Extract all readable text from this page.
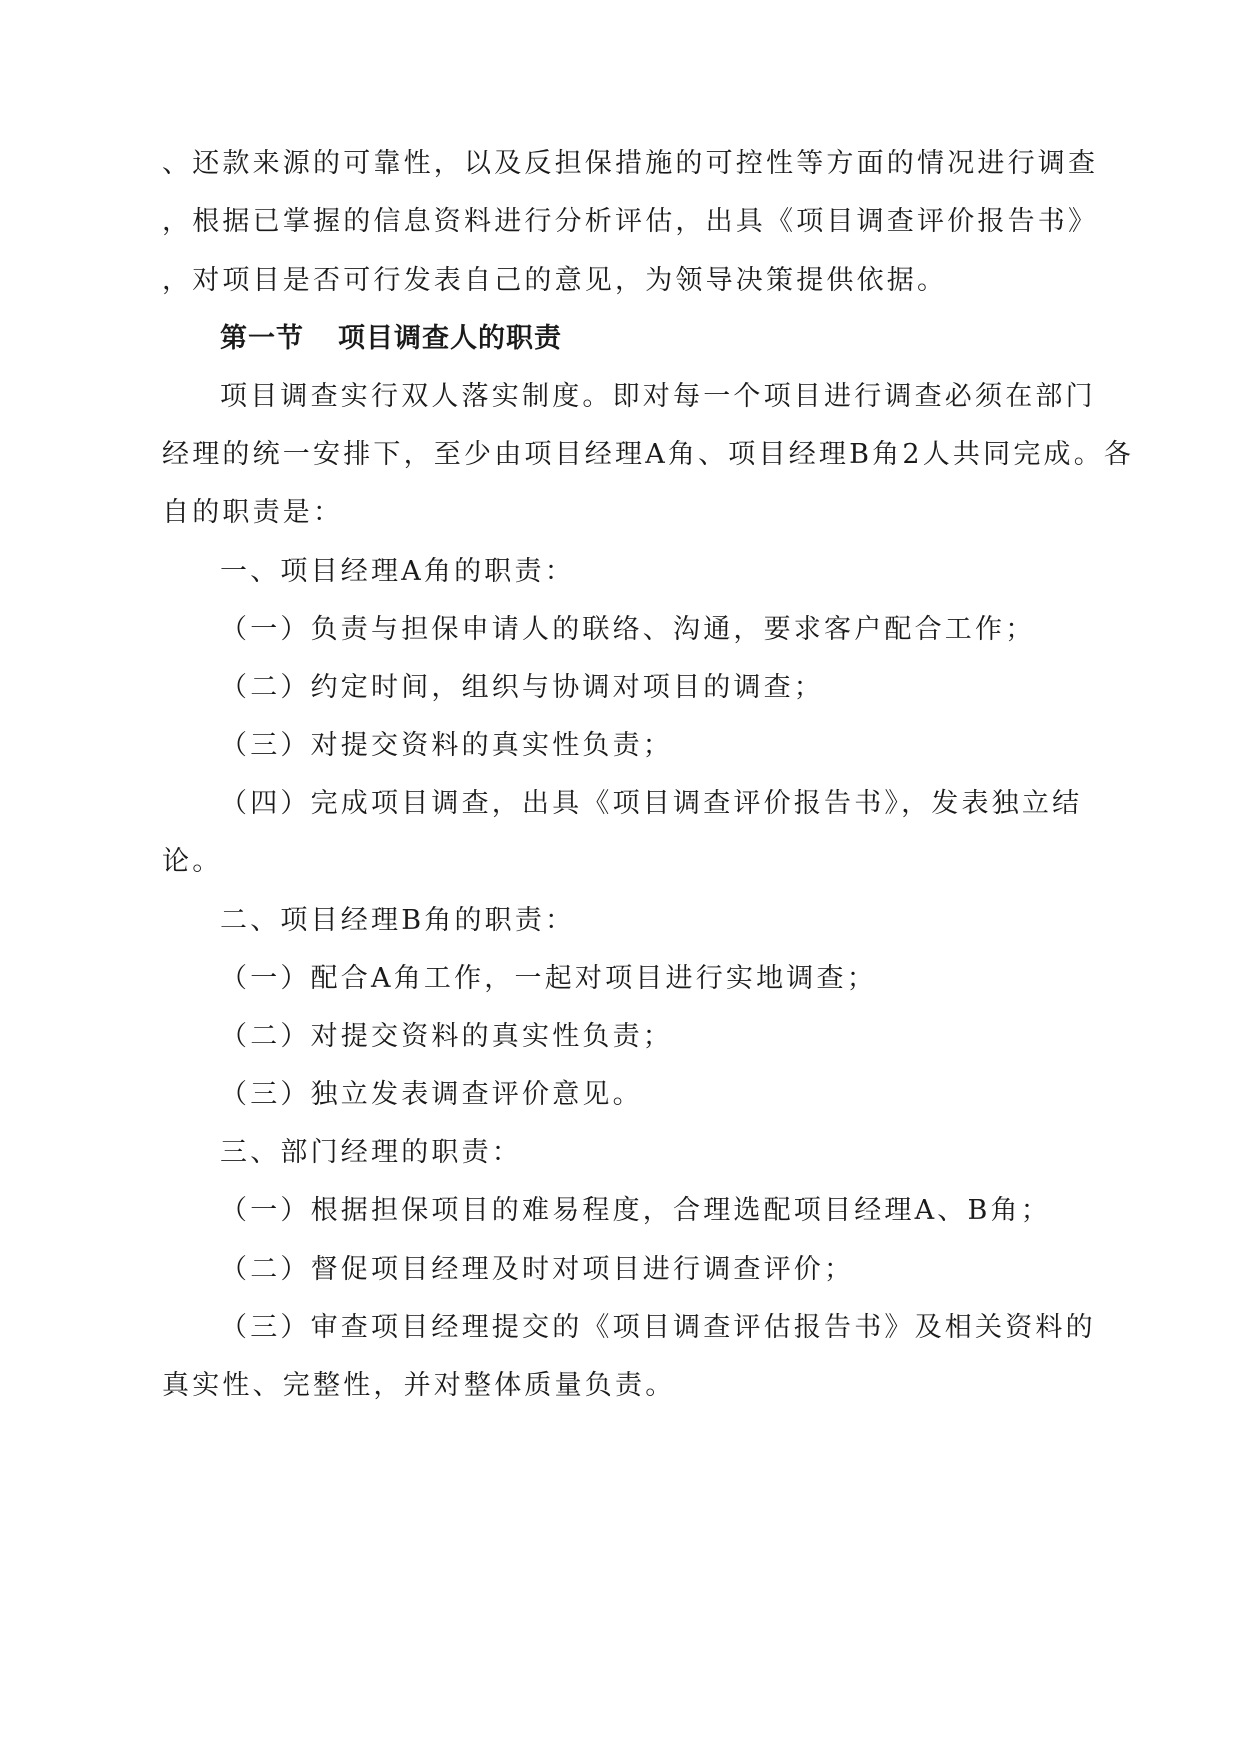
、还款来源的可靠性，以及反担保措施的可控性等方面的情况进行调查
，根据已掌握的信息资料进行分析评估，出具《项目调查评价报告书》
，对项目是否可行发表自己的意见，为领导决策提供依据。
第一节 项目调查人的职责
项目调查实行双人落实制度。即对每一个项目进行调查必须在部门
经理的统一安排下，至少由项目经理A角、项目经理B角2人共同完成。各
自的职责是：
一、项目经理A角的职责：
（一）负责与担保申请人的联络、沟通，要求客户配合工作；
（二）约定时间，组织与协调对项目的调查；
（三）对提交资料的真实性负责；
（四）完成项目调查，出具《项目调查评价报告书》，发表独立结
论。
二、项目经理B角的职责：
（一）配合A角工作，一起对项目进行实地调查；
（二）对提交资料的真实性负责；
（三）独立发表调查评价意见。
三、部门经理的职责：
（一）根据担保项目的难易程度，合理选配项目经理A、B角；
（二）督促项目经理及时对项目进行调查评价；
（三）审查项目经理提交的《项目调查评估报告书》及相关资料的
真实性、完整性，并对整体质量负责。
